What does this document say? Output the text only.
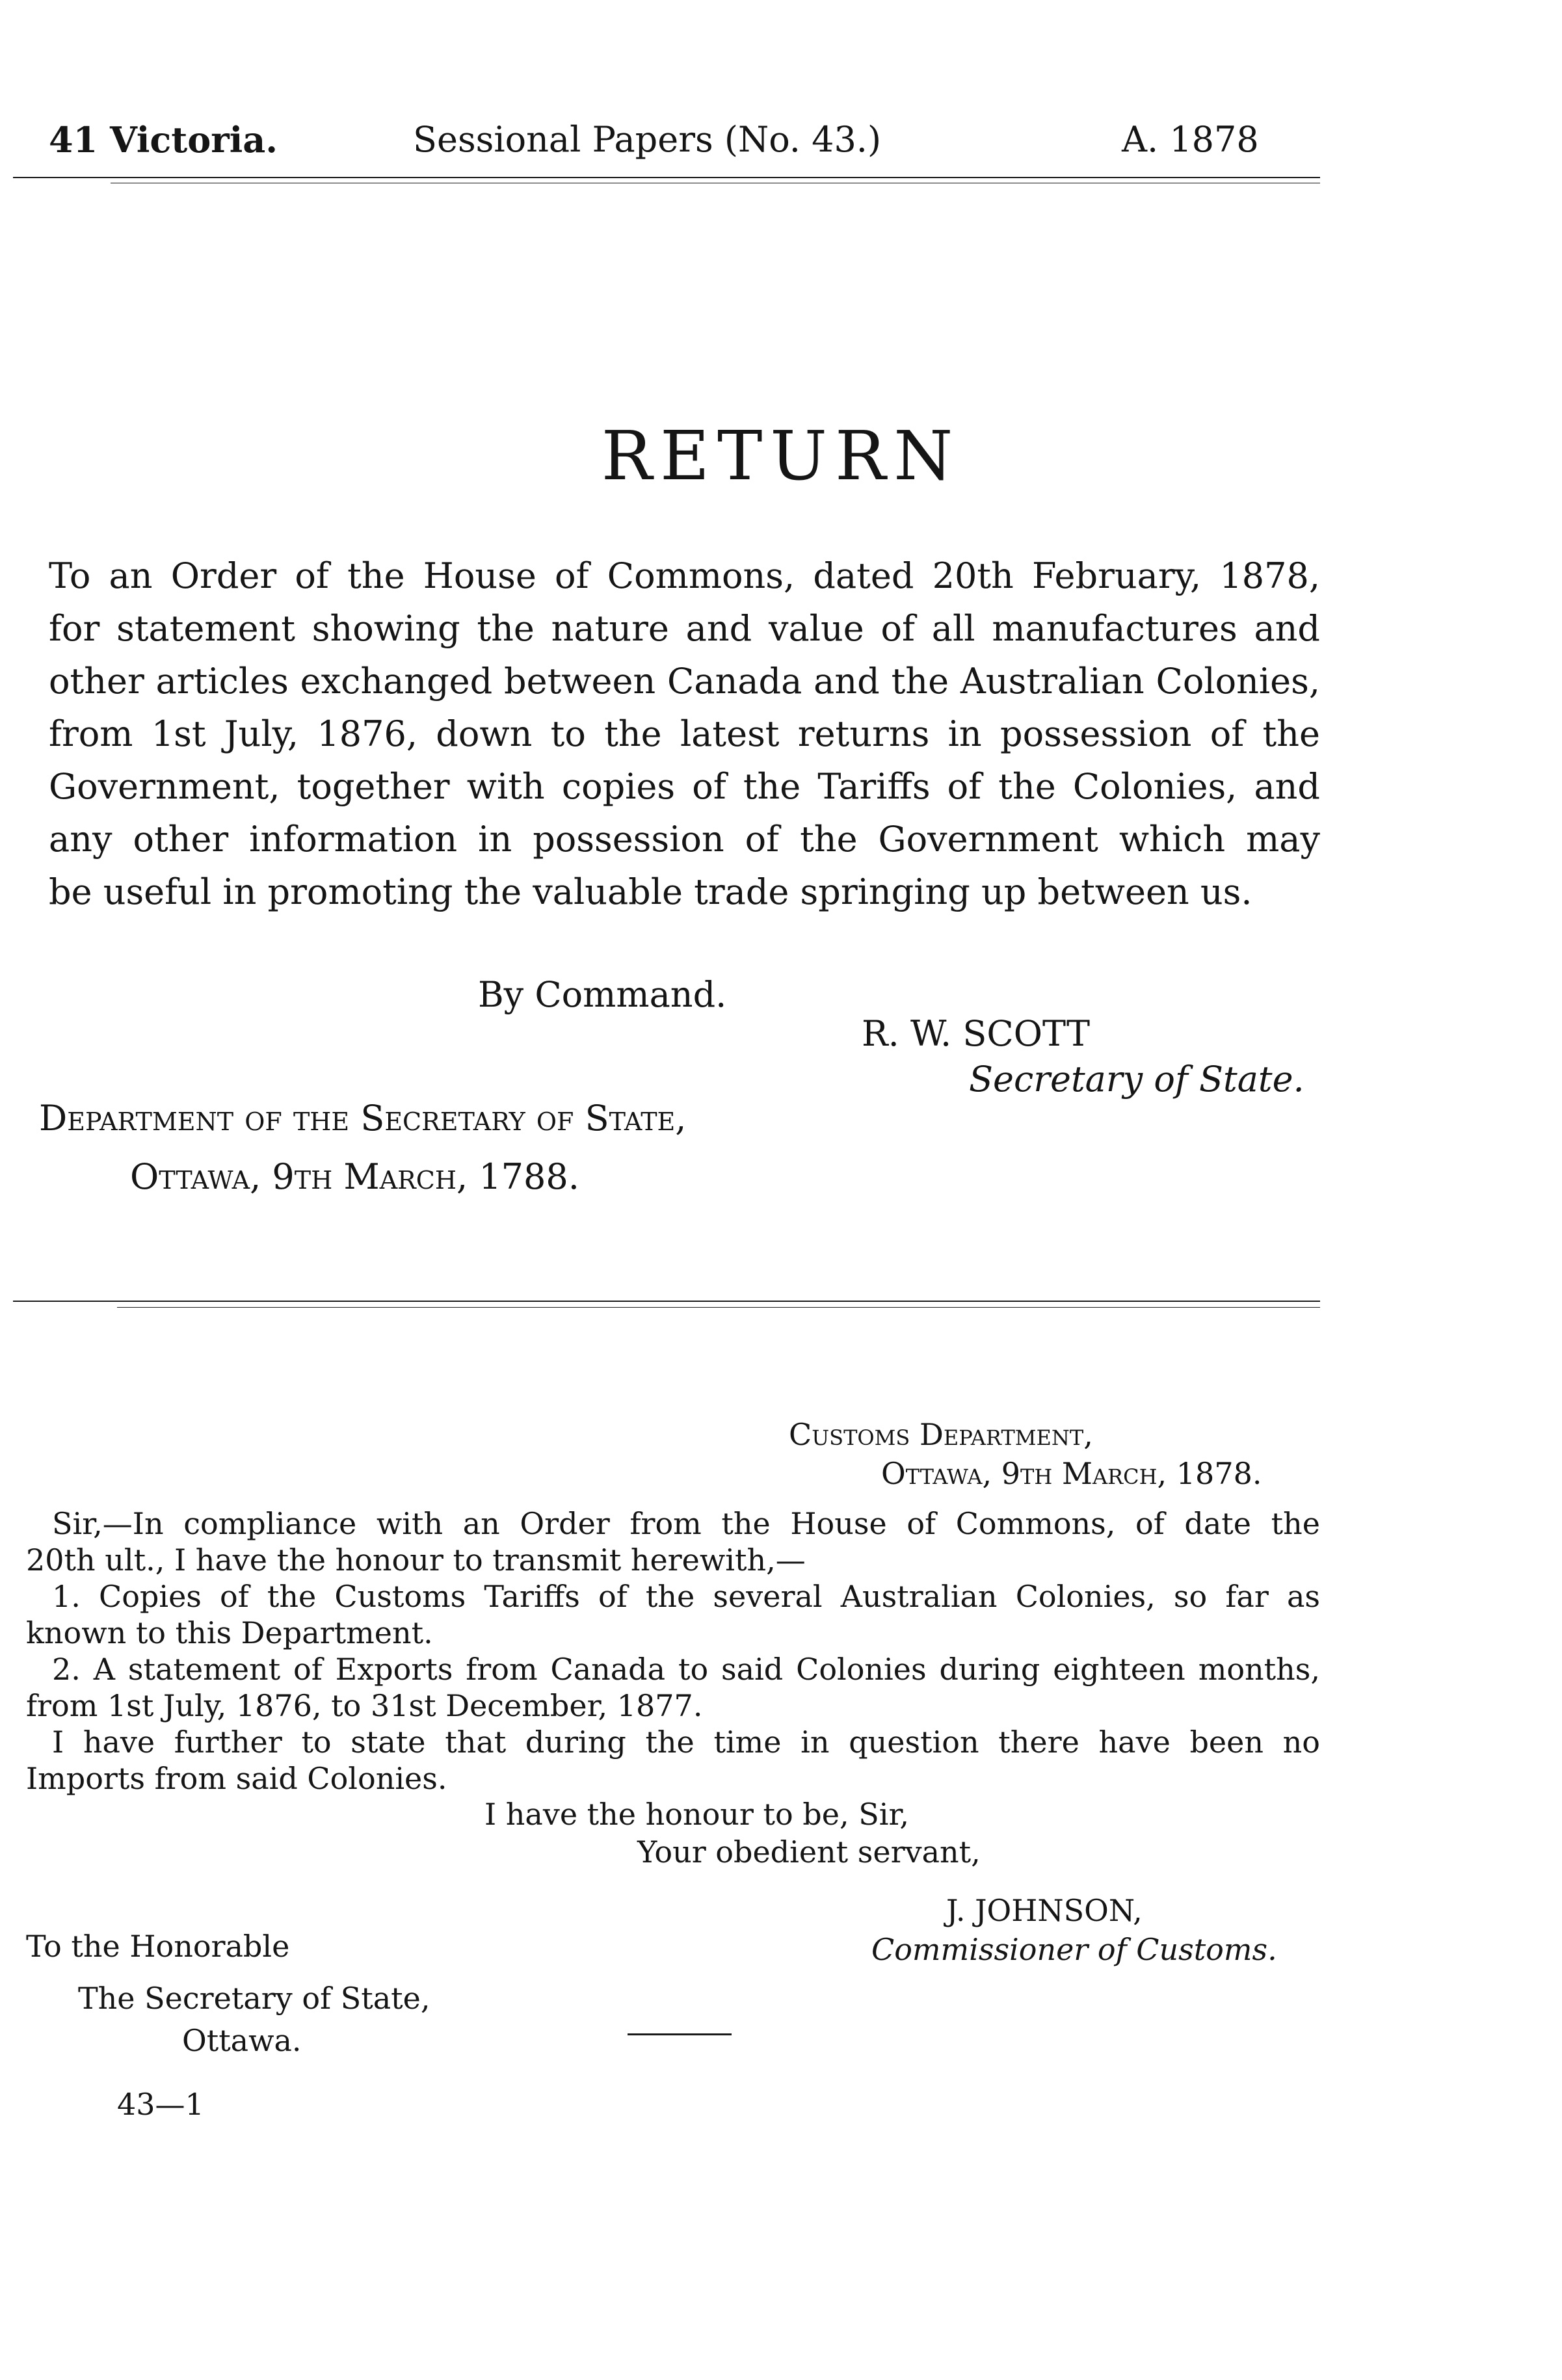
41 Victoria.	Sessional Papers (No. 43.)	A. 1878
RETURN
To an Order of the House of Commons, dated 20th February, 1878,
for statement showing the nature and value of all manufactures and
other articles exchanged between Canada and the Australian Colonies,
from 1st July, 1876, down to the latest returns in possession of the
Government, together with copies of the Tariffs of the Colonies, and
any other information in possession of the Government which may
be useful in promoting the valuable trade springing up between us.
By Command.
R. W. SCOTT
Secretary of State.
Department of the Secretary of State,
Ottawa, 9th March, 1788.
Customs Department,
Ottawa, 9th March, 1878.
Sir,—In compliance with an Order from the House of Commons, of date the
20th ult., I have the honour to transmit herewith,—
1. Copies of the Customs Tariffs of the several Australian Colonies, so far as
known to this Department.
2. A statement of Exports from Canada to said Colonies during eighteen months,
from 1st July, 1876, to 31st December, 1877.
I have further to state that during the time in question there have been no
Imports from said Colonies.
I have the honour to be, Sir,
Your obedient servant,
J. JOHNSON,
Commissioner of Customs.
To the Honorable
The Secretary of State,
Ottawa.
43—1
